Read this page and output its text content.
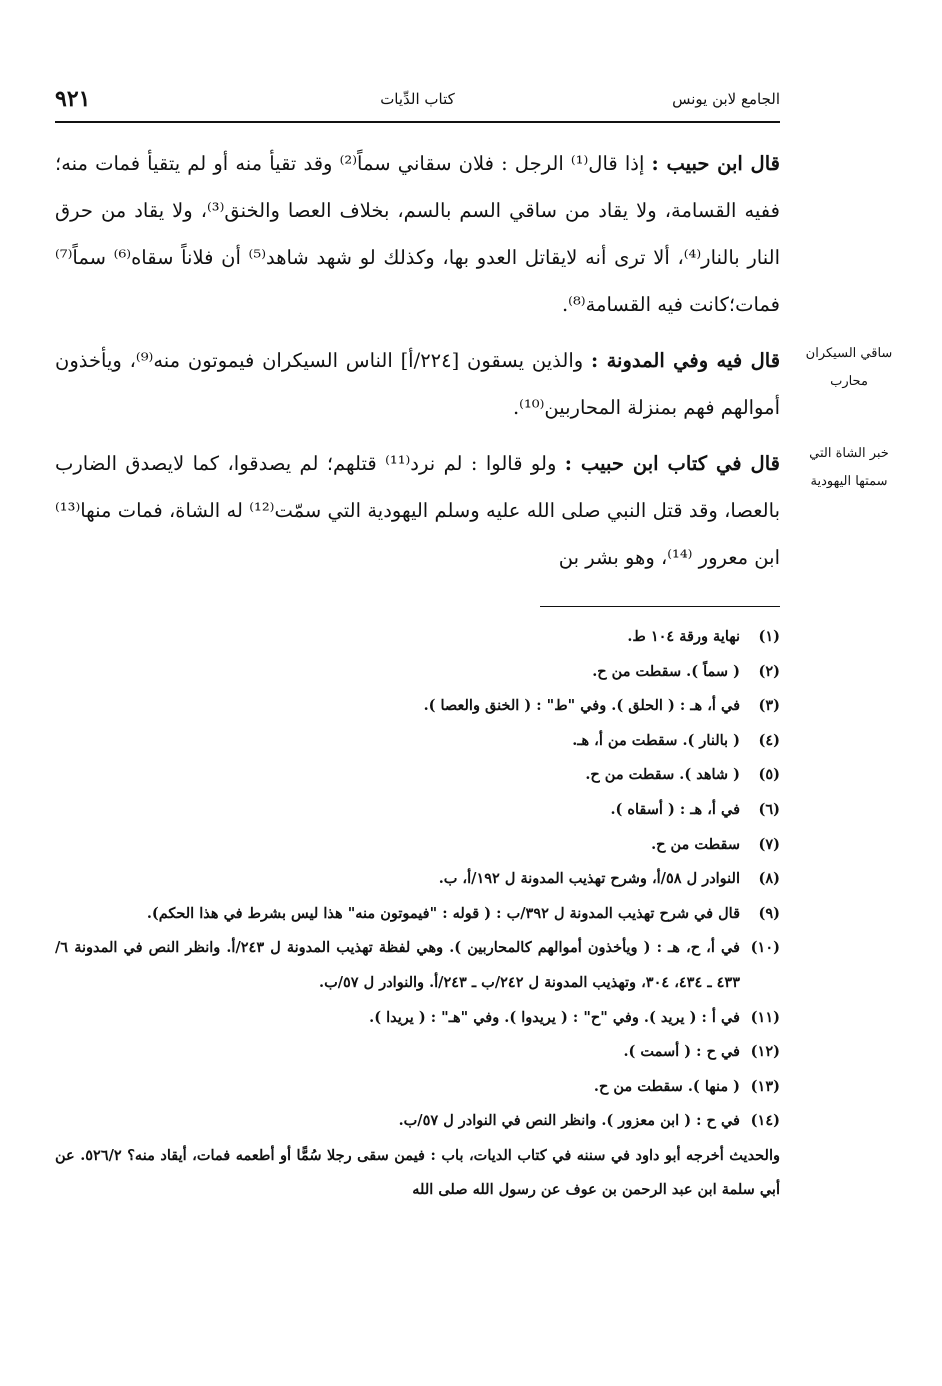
٩٢١	كتاب الدِّيات	الجامع لابن يونس

قال ابن حبيب : إذا قال⁽¹⁾ الرجل : فلان سقاني سماً⁽²⁾ وقد تقيأ منه أو لم يتقيأ فمات منه؛ ففيه القسامة، ولا يقاد من ساقي السم بالسم، بخلاف العصا والخنق⁽³⁾، ولا يقاد من حرق النار بالنار⁽⁴⁾، ألا ترى أنه لايقاتل العدو بها، وكذلك لو شهد شاهد⁽⁵⁾ أن فلاناً سقاه⁽⁶⁾ سماً⁽⁷⁾ فمات؛كانت فيه القسامة⁽⁸⁾.

قال فيه وفي المدونة : والذين يسقون [٢٢٤/أ] الناس السيكران فيموتون منه⁽⁹⁾، ويأخذون أموالهم فهم بمنزلة المحاربين⁽¹⁰⁾.

قال في كتاب ابن حبيب : ولو قالوا : لم نرد⁽¹¹⁾ قتلهم؛ لم يصدقوا، كما لايصدق الضارب بالعصا، وقد قتل النبي صلى الله عليه وسلم اليهودية التي سمّت⁽¹²⁾ له الشاة، فمات منها⁽¹³⁾ ابن معرور ⁽¹⁴⁾، وهو بشر بن

ساقي السيكران
محارب
خبر الشاة التي
سمتها اليهودية

(١)
نهاية ورقة ١٠٤ ط.

(٢)
( سماً ). سقطت من ح.

(٣)
في أ، هـ : ( الحلق ). وفي "ط" : ( الخنق والعصا ).

(٤)
( بالنار ). سقطت من أ، هـ.

(٥)
( شاهد ). سقطت من ح.

(٦)
في أ، هـ : ( أسقاه ).

(٧)
سقطت من ح.

(٨)
النوادر ل ٥٨/أ، وشرح تهذيب المدونة ل ١٩٢/أ، ب.

(٩)
قال في شرح تهذيب المدونة ل ٣٩٢/ب : ( قوله : "فيموتون منه" هذا ليس بشرط في هذا الحكم).

(١٠)
في أ، ح، هـ : ( ويأخذون أموالهم كالمحاربين ). وهي لفظة تهذيب المدونة ل ٢٤٣/أ. وانظر النص في المدونة ٦/ ٤٣٣ ـ ٤٣٤، ٣٠٤، وتهذيب المدونة ل ٢٤٢/ب ـ ٢٤٣/أ. والنوادر ل ٥٧/ب.

(١١)
في أ : ( يريد ). وفي "ح" : ( يريدوا ). وفي "هـ" : ( يريدا ).

(١٢)
في ح : ( أسمت ).

(١٣)
( منها ). سقطت من ح.

(١٤)
في ح : ( ابن معزور ). وانظر النص في النوادر ل ٥٧/ب.

والحديث أخرجه أبو داود في سننه في كتاب الديات، باب : فيمن سقى رجلا سُمًّا أو أطعمه فمات، أيقاد منه؟ ٥٢٦/٢. عن أبي سلمة ابن عبد الرحمن بن عوف عن رسول الله صلى الله
